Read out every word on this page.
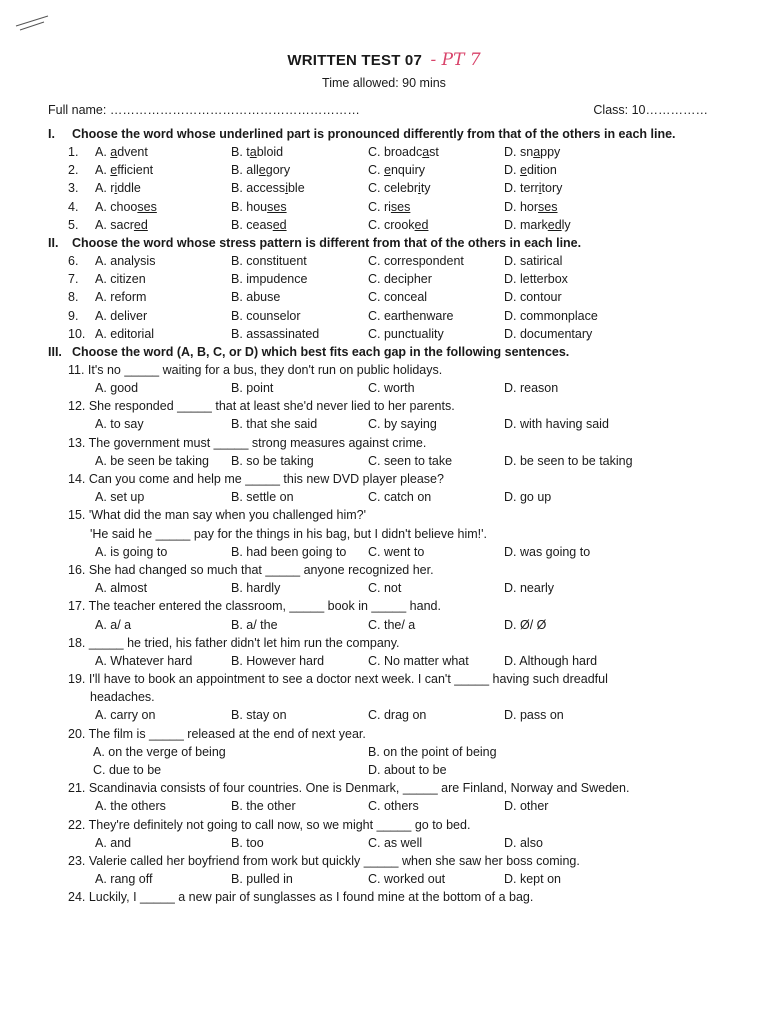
WRITTEN TEST 07 - PT 7
Time allowed: 90 mins
Full name: ……………………………………………………	Class: 10……………
I. Choose the word whose underlined part is pronounced differently from that of the others in each line.
1. A. advent	B. tabloid	C. broadcast	D. snappy
2. A. efficient	B. allegory	C. enquiry	D. edition
3. A. riddle	B. accessible	C. celebrity	D. territory
4. A. chooses	B. houses	C. rises	D. horses
5. A. sacred	B. ceased	C. crooked	D. markedly
II. Choose the word whose stress pattern is different from that of the others in each line.
6. A. analysis	B. constituent	C. correspondent	D. satirical
7. A. citizen	B. impudence	C. decipher	D. letterbox
8. A. reform	B. abuse	C. conceal	D. contour
9. A. deliver	B. counselor	C. earthenware	D. commonplace
10. A. editorial	B. assassinated	C. punctuality	D. documentary
III. Choose the word (A, B, C, or D) which best fits each gap in the following sentences.
11. It's no _____ waiting for a bus, they don't run on public holidays.
A. good	B. point	C. worth	D. reason
12. She responded _____ that at least she'd never lied to her parents.
A. to say	B. that she said	C. by saying	D. with having said
13. The government must _____ strong measures against crime.
A. be seen be taking B. so be taking	C. seen to take	D. be seen to be taking
14. Can you come and help me _____ this new DVD player please?
A. set up	B. settle on	C. catch on	D. go up
15. 'What did the man say when you challenged him?'
'He said he _____ pay for the things in his bag, but I didn't believe him!'.
A. is going to	B. had been going to C. went to	D. was going to
16. She had changed so much that _____ anyone recognized her.
A. almost	B. hardly	C. not	D. nearly
17. The teacher entered the classroom, _____ book in _____ hand.
A. a/ a	B. a/ the	C. the/ a	D. Ø/ Ø
18. _____ he tried, his father didn't let him run the company.
A. Whatever hard	B. However hard	C. No matter what	D. Although hard
19. I'll have to book an appointment to see a doctor next week. I can't _____ having such dreadful
headaches.
A. carry on	B. stay on	C. drag on	D. pass on
20. The film is _____ released at the end of next year.
A. on the verge of being	B. on the point of being
C. due to be	D. about to be
21. Scandinavia consists of four countries. One is Denmark, _____ are Finland, Norway and Sweden.
A. the others	B. the other	C. others	D. other
22. They're definitely not going to call now, so we might _____ go to bed.
A. and	B. too	C. as well	D. also
23. Valerie called her boyfriend from work but quickly _____ when she saw her boss coming.
A. rang off	B. pulled in	C. worked out	D. kept on
24. Luckily, I _____ a new pair of sunglasses as I found mine at the bottom of a bag.
